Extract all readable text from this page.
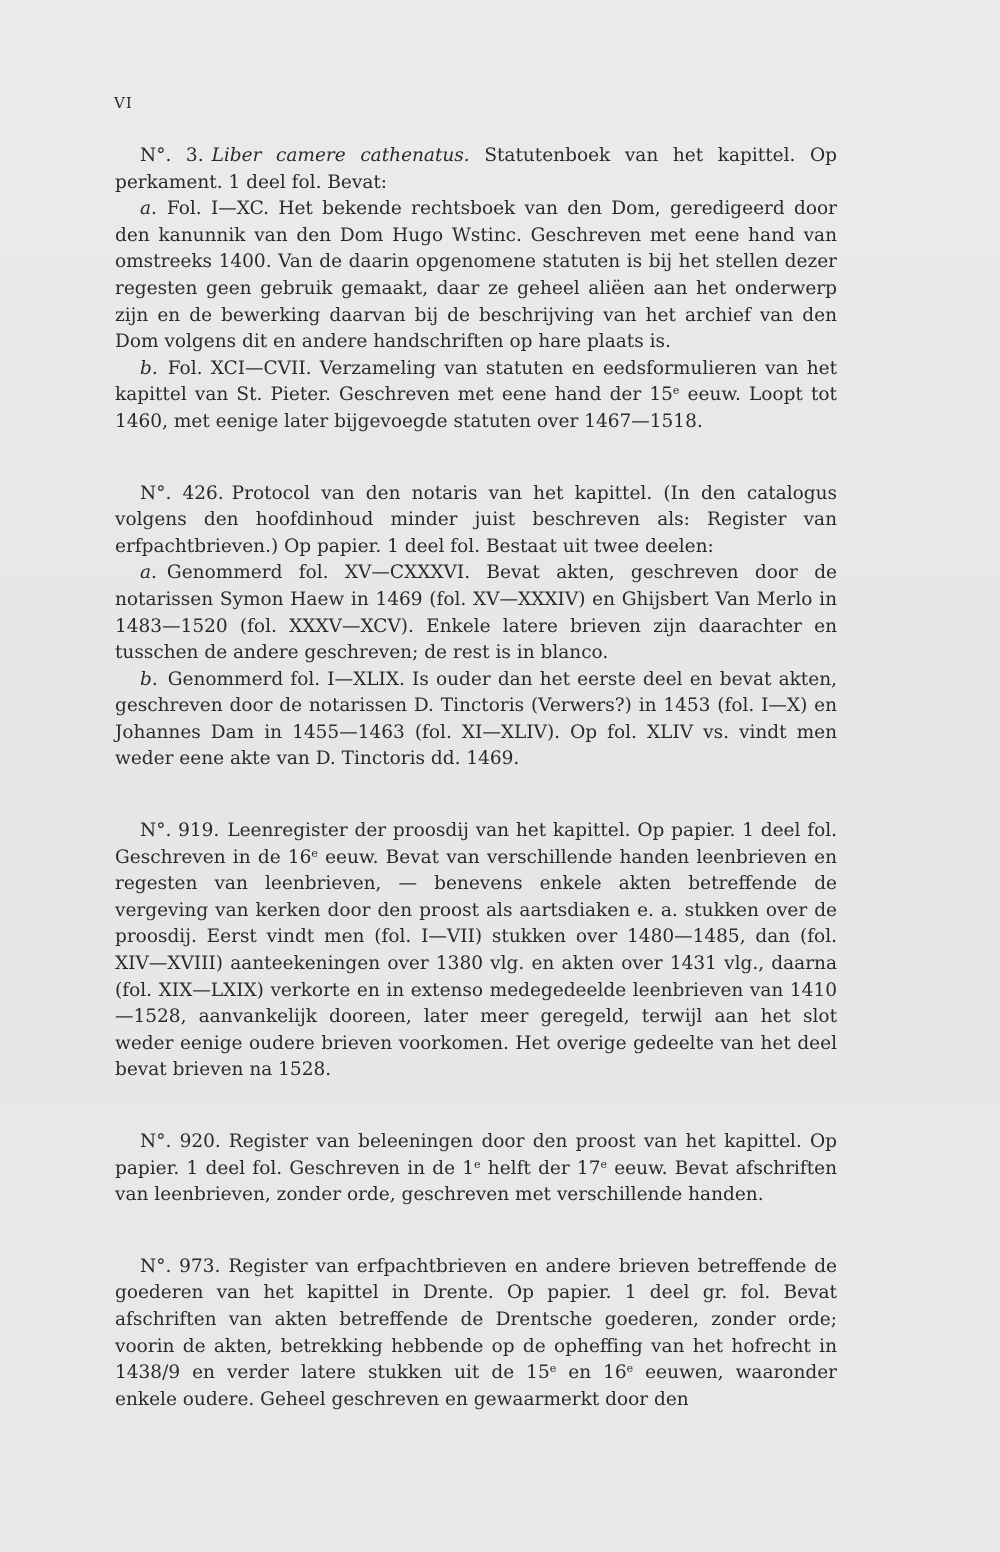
VI

N°. 3. Liber camere cathenatus. Statutenboek van het kapittel. Op perkament. 1 deel fol. Bevat:

a. Fol. I—XC. Het bekende rechtsboek van den Dom, geredigeerd door den kanunnik van den Dom Hugo Wstinc. Geschreven met eene hand van omstreeks 1400. Van de daarin opgenomene statuten is bij het stellen dezer regesten geen gebruik gemaakt, daar ze geheel aliëen aan het onderwerp zijn en de bewerking daarvan bij de beschrijving van het archief van den Dom volgens dit en andere handschriften op hare plaats is.

b. Fol. XCI—CVII. Verzameling van statuten en eedsformulieren van het kapittel van St. Pieter. Geschreven met eene hand der 15e eeuw. Loopt tot 1460, met eenige later bijgevoegde statuten over 1467—1518.

N°. 426. Protocol van den notaris van het kapittel. (In den catalogus volgens den hoofdinhoud minder juist beschreven als: Register van erfpachtbrieven.) Op papier. 1 deel fol. Bestaat uit twee deelen:

a. Genommerd fol. XV—CXXXVI. Bevat akten, geschreven door de notarissen Symon Haew in 1469 (fol. XV—XXXIV) en Ghijsbert Van Merlo in 1483—1520 (fol. XXXV—XCV). Enkele latere brieven zijn daarachter en tusschen de andere geschreven; de rest is in blanco.

b. Genommerd fol. I—XLIX. Is ouder dan het eerste deel en bevat akten, geschreven door de notarissen D. Tinctoris (Verwers?) in 1453 (fol. I—X) en Johannes Dam in 1455—1463 (fol. XI—XLIV). Op fol. XLIV vs. vindt men weder eene akte van D. Tinctoris dd. 1469.

N°. 919. Leenregister der proosdij van het kapittel. Op papier. 1 deel fol. Geschreven in de 16e eeuw. Bevat van verschillende handen leenbrieven en regesten van leenbrieven, — benevens enkele akten betreffende de vergeving van kerken door den proost als aartsdiaken e. a. stukken over de proosdij. Eerst vindt men (fol. I—VII) stukken over 1480—1485, dan (fol. XIV—XVIII) aanteekeningen over 1380 vlg. en akten over 1431 vlg., daarna (fol. XIX—LXIX) verkorte en in extenso medegedeelde leenbrieven van 1410—1528, aanvankelijk dooreen, later meer geregeld, terwijl aan het slot weder eenige oudere brieven voorkomen. Het overige gedeelte van het deel bevat brieven na 1528.

N°. 920. Register van beleeningen door den proost van het kapittel. Op papier. 1 deel fol. Geschreven in de 1e helft der 17e eeuw. Bevat afschriften van leenbrieven, zonder orde, geschreven met verschillende handen.

N°. 973. Register van erfpachtbrieven en andere brieven betreffende de goederen van het kapittel in Drente. Op papier. 1 deel gr. fol. Bevat afschriften van akten betreffende de Drentsche goederen, zonder orde; voorin de akten, betrekking hebbende op de opheffing van het hofrecht in 1438/9 en verder latere stukken uit de 15e en 16e eeuwen, waaronder enkele oudere. Geheel geschreven en gewaarmerkt door den
